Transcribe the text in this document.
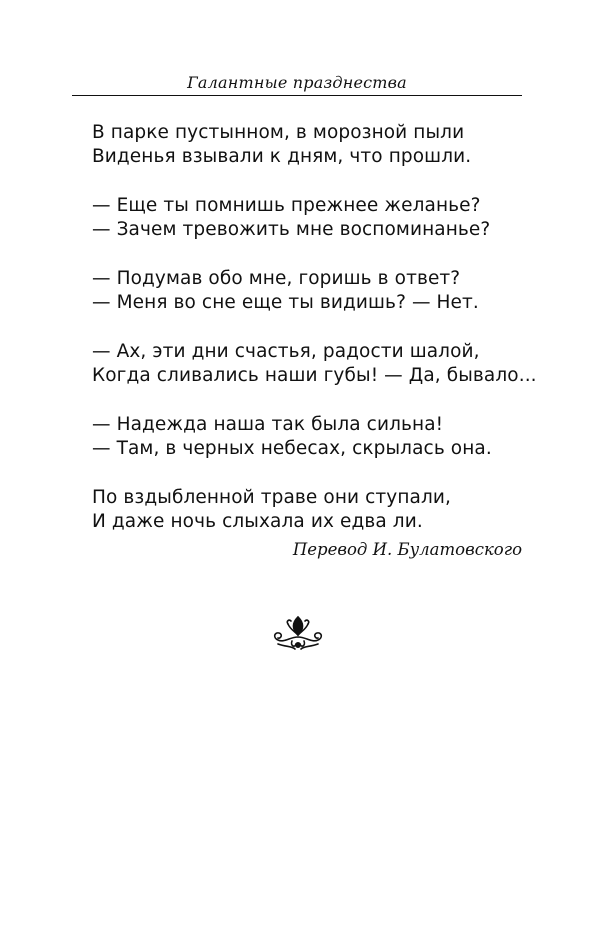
Галантные празднества
В парке пустынном, в морозной пыли
Виденья взывали к дням, что прошли.
— Еще ты помнишь прежнее желанье?
— Зачем тревожить мне воспоминанье?
— Подумав обо мне, горишь в ответ?
— Меня во сне еще ты видишь? — Нет.
— Ах, эти дни счастья, радости шалой,
Когда сливались наши губы! — Да, бывало...
— Надежда наша так была сильна!
— Там, в черных небесах, скрылась она.
По вздыбленной траве они ступали,
И даже ночь слыхала их едва ли.
Перевод И. Булатовского
